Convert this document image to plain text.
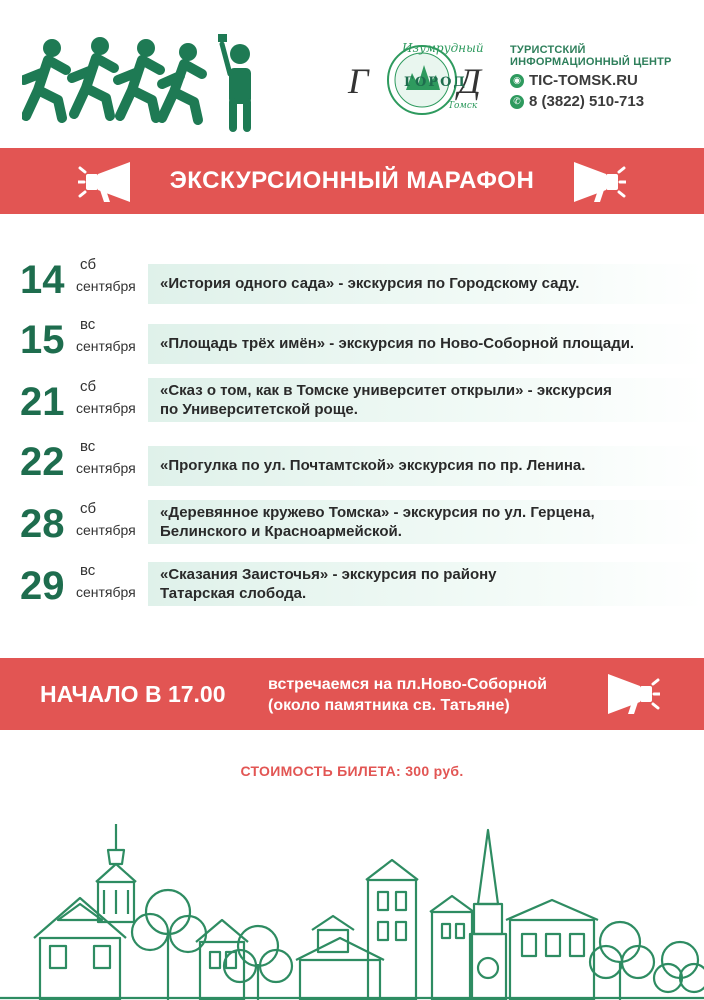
Г Д
Изумрудный
ГОРОД
Томск
ТУРИСТСКИЙ
ИНФОРМАЦИОННЫЙ ЦЕНТР
◉ TIC-TOMSK.RU
✆ 8 (3822) 510-713
ЭКСКУРСИОННЫЙ МАРАФОН
14	сб
сентября «История одного сада» - экскурсия по Городскому саду.
15	вс
сентября «Площадь трёх имён» - экскурсия по Ново-Соборной площади.
21	сб
сентября
«Сказ о том, как в Томске университет открыли» - экскурсия
по Университетской роще.
22	вс
сентября «Прогулка по ул. Почтамтской» экскурсия по пр. Ленина.
28	сб
сентября
«Деревянное кружево Томска» - экскурсия по ул. Герцена,
Белинского и Красноармейской.
29	вс
сентября
«Сказания Заисточья» - экскурсия по району
Татарская слобода.
НАЧАЛО В 17.00	встречаемся на пл.Ново-Соборной
(около памятника св. Татьяне)
СТОИМОСТЬ БИЛЕТА: 300 руб.
